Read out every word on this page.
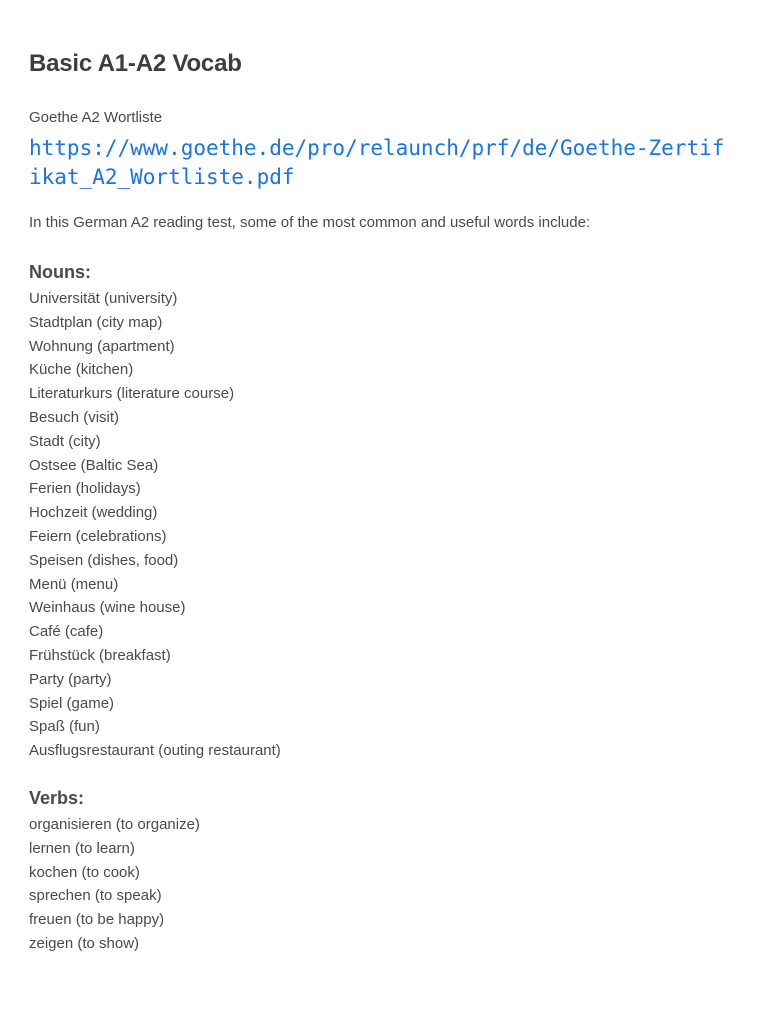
Basic A1-A2 Vocab
Goethe A2 Wortliste
https://www.goethe.de/pro/relaunch/prf/de/Goethe-Zertifikat_A2_Wortliste.pdf
In this German A2 reading test, some of the most common and useful words include:
Nouns:
Universität (university)
Stadtplan (city map)
Wohnung (apartment)
Küche (kitchen)
Literaturkurs (literature course)
Besuch (visit)
Stadt (city)
Ostsee (Baltic Sea)
Ferien (holidays)
Hochzeit (wedding)
Feiern (celebrations)
Speisen (dishes, food)
Menü (menu)
Weinhaus (wine house)
Café (cafe)
Frühstück (breakfast)
Party (party)
Spiel (game)
Spaß (fun)
Ausflugsrestaurant (outing restaurant)
Verbs:
organisieren (to organize)
lernen (to learn)
kochen (to cook)
sprechen (to speak)
freuen (to be happy)
zeigen (to show)
